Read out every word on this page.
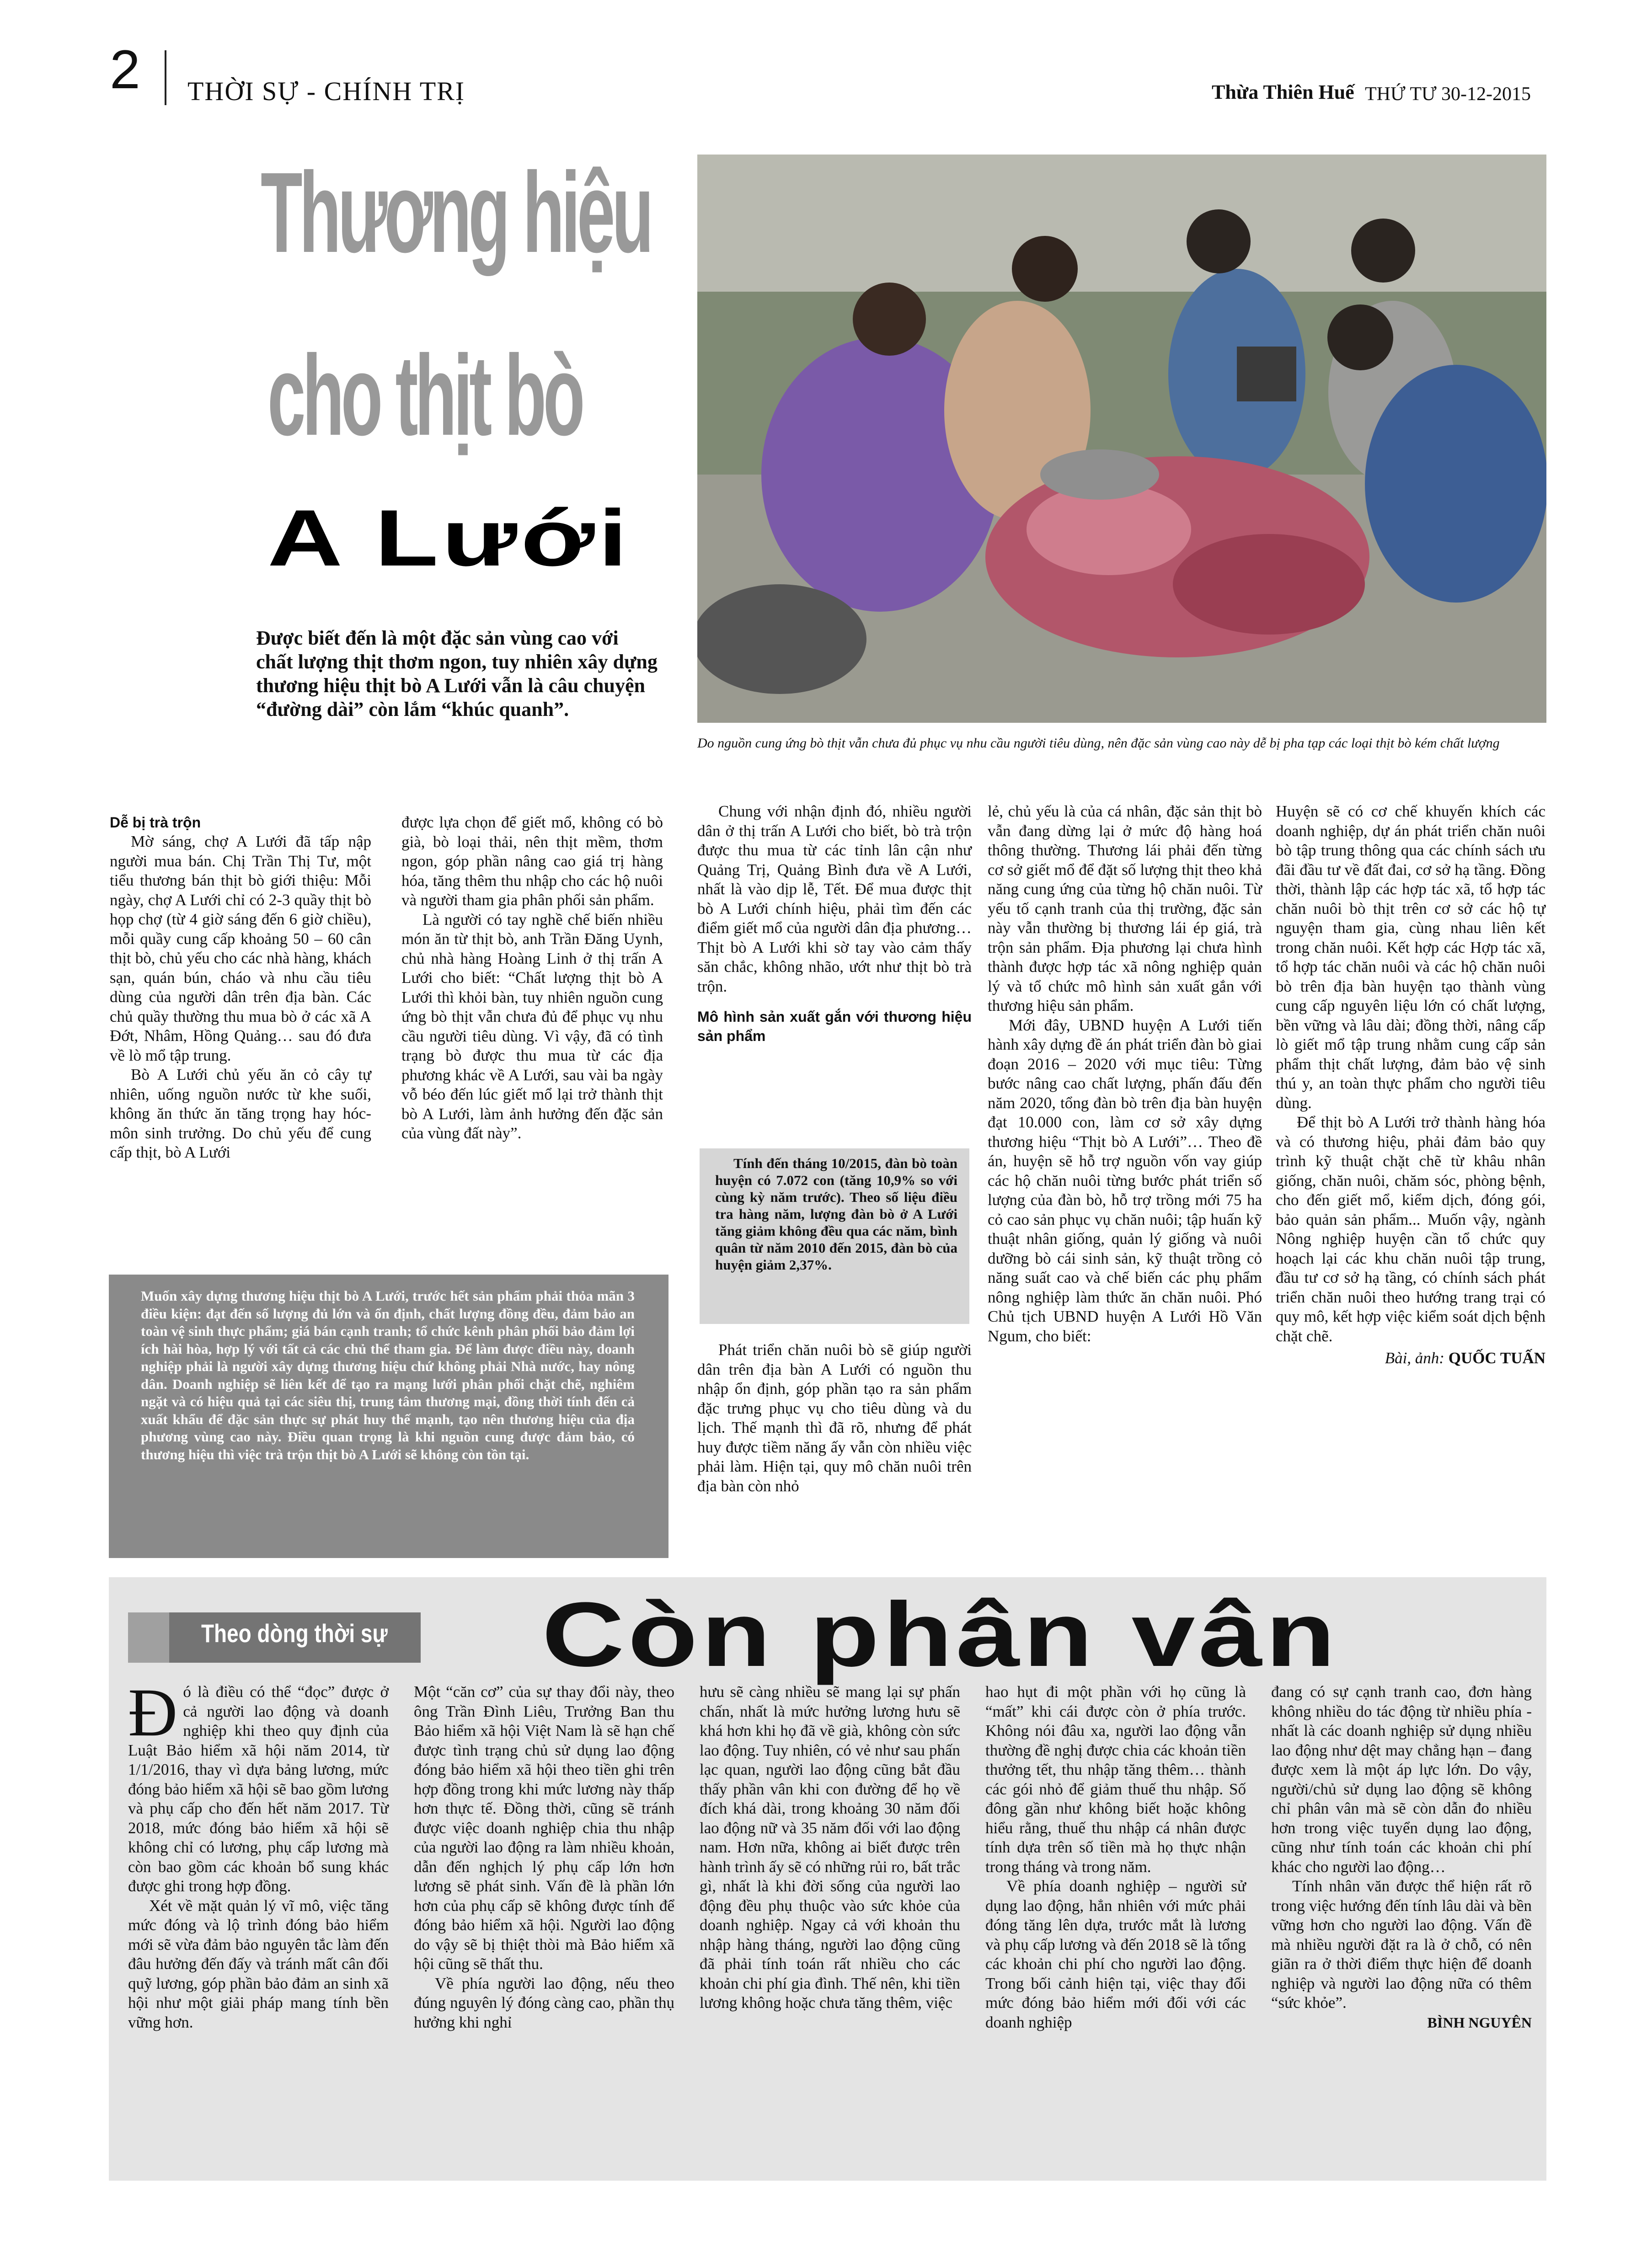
2 THỜI SỰ - CHÍNH TRỊ	Thừa Thiên Huế THỨ TƯ 30-12-2015
Thương hiệu
cho thịt bò
A Lưới
Được biết đến là một đặc sản vùng cao với chất lượng thịt thơm ngon, tuy nhiên xây dựng thương hiệu thịt bò A Lưới vẫn là câu chuyện “đường dài” còn lắm “khúc quanh”.
Do nguồn cung ứng bò thịt vẫn chưa đủ phục vụ nhu cầu người tiêu dùng, nên đặc sản vùng cao này dễ bị pha tạp các loại thịt bò kém chất lượng

Dễ bị trà trộn

Mờ sáng, chợ A Lưới đã tấp nập người mua bán. Chị Trần Thị Tư, một tiểu thương bán thịt bò giới thiệu: Mỗi ngày, chợ A Lưới chỉ có 2-3 quầy thịt bò họp chợ (từ 4 giờ sáng đến 6 giờ chiều), mỗi quầy cung cấp khoảng 50 – 60 cân thịt bò, chủ yếu cho các nhà hàng, khách sạn, quán bún, cháo và nhu cầu tiêu dùng của người dân trên địa bàn. Các chủ quầy thường thu mua bò ở các xã A Đớt, Nhâm, Hồng Quảng… sau đó đưa về lò mổ tập trung.

Bò A Lưới chủ yếu ăn cỏ cây tự nhiên, uống nguồn nước từ khe suối, không ăn thức ăn tăng trọng hay hóc-môn sinh trưởng. Do chủ yếu để cung cấp thịt, bò A Lưới

được lựa chọn để giết mổ, không có bò già, bò loại thải, nên thịt mềm, thơm ngon, góp phần nâng cao giá trị hàng hóa, tăng thêm thu nhập cho các hộ nuôi và người tham gia phân phối sản phẩm.

Là người có tay nghề chế biến nhiều món ăn từ thịt bò, anh Trần Đăng Uynh, chủ nhà hàng Hoàng Linh ở thị trấn A Lưới cho biết: “Chất lượng thịt bò A Lưới thì khỏi bàn, tuy nhiên nguồn cung ứng bò thịt vẫn chưa đủ để phục vụ nhu cầu người tiêu dùng. Vì vậy, đã có tình trạng bò được thu mua từ các địa phương khác về A Lưới, sau vài ba ngày vỗ béo đến lúc giết mổ lại trở thành thịt bò A Lưới, làm ảnh hưởng đến đặc sản của vùng đất này”.

Chung với nhận định đó, nhiều người dân ở thị trấn A Lưới cho biết, bò trà trộn được thu mua từ các tỉnh lân cận như Quảng Trị, Quảng Bình đưa về A Lưới, nhất là vào dịp lễ, Tết. Để mua được thịt bò A Lưới chính hiệu, phải tìm đến các điểm giết mổ của người dân địa phương… Thịt bò A Lưới khi sờ tay vào cảm thấy săn chắc, không nhão, ướt như thịt bò trà trộn.

Mô hình sản xuất gắn với thương hiệu sản phẩm

Tính đến tháng 10/2015, đàn bò toàn huyện có 7.072 con (tăng 10,9% so với cùng kỳ năm trước). Theo số liệu điều tra hàng năm, lượng đàn bò ở A Lưới tăng giảm không đều qua các năm, bình quân từ năm 2010 đến 2015, đàn bò của huyện giảm 2,37%.

Phát triển chăn nuôi bò sẽ giúp người dân trên địa bàn A Lưới có nguồn thu nhập ổn định, góp phần tạo ra sản phẩm đặc trưng phục vụ cho tiêu dùng và du lịch. Thế mạnh thì đã rõ, nhưng để phát huy được tiềm năng ấy vẫn còn nhiều việc phải làm. Hiện tại, quy mô chăn nuôi trên địa bàn còn nhỏ

lẻ, chủ yếu là của cá nhân, đặc sản thịt bò vẫn đang dừng lại ở mức độ hàng hoá thông thường. Thương lái phải đến từng cơ sở giết mổ để đặt số lượng thịt theo khả năng cung ứng của từng hộ chăn nuôi. Từ yếu tố cạnh tranh của thị trường, đặc sản này vẫn thường bị thương lái ép giá, trà trộn sản phẩm. Địa phương lại chưa hình thành được hợp tác xã nông nghiệp quản lý và tổ chức mô hình sản xuất gắn với thương hiệu sản phẩm.

Mới đây, UBND huyện A Lưới tiến hành xây dựng đề án phát triển đàn bò giai đoạn 2016 – 2020 với mục tiêu: Từng bước nâng cao chất lượng, phấn đấu đến năm 2020, tổng đàn bò trên địa bàn huyện đạt 10.000 con, làm cơ sở xây dựng thương hiệu “Thịt bò A Lưới”… Theo đề án, huyện sẽ hỗ trợ nguồn vốn vay giúp các hộ chăn nuôi từng bước phát triển số lượng của đàn bò, hỗ trợ trồng mới 75 ha cỏ cao sản phục vụ chăn nuôi; tập huấn kỹ thuật nhân giống, quản lý giống và nuôi dưỡng bò cái sinh sản, kỹ thuật trồng cỏ năng suất cao và chế biến các phụ phẩm nông nghiệp làm thức ăn chăn nuôi. Phó Chủ tịch UBND huyện A Lưới Hồ Văn Ngum, cho biết:

Huyện sẽ có cơ chế khuyến khích các doanh nghiệp, dự án phát triển chăn nuôi bò tập trung thông qua các chính sách ưu đãi đầu tư về đất đai, cơ sở hạ tầng. Đồng thời, thành lập các hợp tác xã, tổ hợp tác chăn nuôi bò thịt trên cơ sở các hộ tự nguyện tham gia, cùng nhau liên kết trong chăn nuôi. Kết hợp các Hợp tác xã, tổ hợp tác chăn nuôi và các hộ chăn nuôi bò trên địa bàn huyện tạo thành vùng cung cấp nguyên liệu lớn có chất lượng, bền vững và lâu dài; đồng thời, nâng cấp lò giết mổ tập trung nhằm cung cấp sản phẩm thịt chất lượng, đảm bảo vệ sinh thú y, an toàn thực phẩm cho người tiêu dùng.

Để thịt bò A Lưới trở thành hàng hóa và có thương hiệu, phải đảm bảo quy trình kỹ thuật chặt chẽ từ khâu nhân giống, chăn nuôi, chăm sóc, phòng bệnh, cho đến giết mổ, kiểm dịch, đóng gói, bảo quản sản phẩm... Muốn vậy, ngành Nông nghiệp huyện cần tổ chức quy hoạch lại các khu chăn nuôi tập trung, đầu tư cơ sở hạ tầng, có chính sách phát triển chăn nuôi theo hướng trang trại có quy mô, kết hợp việc kiểm soát dịch bệnh chặt chẽ.

Bài, ảnh: QUỐC TUẤN

Muốn xây dựng thương hiệu thịt bò A Lưới, trước hết sản phẩm phải thỏa mãn 3 điều kiện: đạt đến số lượng đủ lớn và ổn định, chất lượng đồng đều, đảm bảo an toàn vệ sinh thực phẩm; giá bán cạnh tranh; tổ chức kênh phân phối bảo đảm lợi ích hài hòa, hợp lý với tất cả các chủ thể tham gia. Để làm được điều này, doanh nghiệp phải là người xây dựng thương hiệu chứ không phải Nhà nước, hay nông dân. Doanh nghiệp sẽ liên kết để tạo ra mạng lưới phân phối chặt chẽ, nghiêm ngặt và có hiệu quả tại các siêu thị, trung tâm thương mại, đồng thời tính đến cả xuất khẩu để đặc sản thực sự phát huy thế mạnh, tạo nên thương hiệu của địa phương vùng cao này. Điều quan trọng là khi nguồn cung được đảm bảo, có thương hiệu thì việc trà trộn thịt bò A Lưới sẽ không còn tồn tại.
Theo dòng thời sự Còn phân vân

Đó là điều có thể “đọc” được ở cả người lao động và doanh nghiệp khi theo quy định của Luật Bảo hiểm xã hội năm 2014, từ 1/1/2016, thay vì dựa bảng lương, mức đóng bảo hiểm xã hội sẽ bao gồm lương và phụ cấp cho đến hết năm 2017. Từ 2018, mức đóng bảo hiểm xã hội sẽ không chỉ có lương, phụ cấp lương mà còn bao gồm các khoản bổ sung khác được ghi trong hợp đồng.

Xét về mặt quản lý vĩ mô, việc tăng mức đóng và lộ trình đóng bảo hiểm mới sẽ vừa đảm bảo nguyên tắc làm đến đâu hưởng đến đấy và tránh mất cân đối quỹ lương, góp phần bảo đảm an sinh xã hội như một giải pháp mang tính bền vững hơn.

Một “căn cơ” của sự thay đổi này, theo ông Trần Đình Liêu, Trưởng Ban thu Bảo hiểm xã hội Việt Nam là sẽ hạn chế được tình trạng chủ sử dụng lao động đóng bảo hiểm xã hội theo tiền ghi trên hợp đồng trong khi mức lương này thấp hơn thực tế. Đồng thời, cũng sẽ tránh được việc doanh nghiệp chia thu nhập của người lao động ra làm nhiều khoản, dẫn đến nghịch lý phụ cấp lớn hơn lương sẽ phát sinh. Vấn đề là phần lớn hơn của phụ cấp sẽ không được tính để đóng bảo hiểm xã hội. Người lao động do vậy sẽ bị thiệt thòi mà Bảo hiểm xã hội cũng sẽ thất thu.

Về phía người lao động, nếu theo đúng nguyên lý đóng càng cao, phần thụ hưởng khi nghỉ

hưu sẽ càng nhiều sẽ mang lại sự phấn chấn, nhất là mức hưởng lương hưu sẽ khá hơn khi họ đã về già, không còn sức lao động. Tuy nhiên, có vẻ như sau phấn lạc quan, người lao động cũng bắt đầu thấy phần vân khi con đường để họ về đích khá dài, trong khoảng 30 năm đối lao động nữ và 35 năm đối với lao động nam. Hơn nữa, không ai biết được trên hành trình ấy sẽ có những rủi ro, bất trắc gì, nhất là khi đời sống của người lao động đều phụ thuộc vào sức khỏe của doanh nghiệp. Ngay cả với khoản thu nhập hàng tháng, người lao động cũng đã phải tính toán rất nhiều cho các khoản chi phí gia đình. Thế nên, khi tiền lương không hoặc chưa tăng thêm, việc

hao hụt đi một phần với họ cũng là “mất” khi cái được còn ở phía trước. Không nói đâu xa, người lao động vẫn thường đề nghị được chia các khoản tiền thưởng tết, thu nhập tăng thêm… thành các gói nhỏ để giảm thuế thu nhập. Số đông gần như không biết hoặc không hiểu rằng, thuế thu nhập cá nhân được tính dựa trên số tiền mà họ thực nhận trong tháng và trong năm.

Về phía doanh nghiệp – người sử dụng lao động, hẳn nhiên với mức phải đóng tăng lên dựa, trước mắt là lương và phụ cấp lương và đến 2018 sẽ là tổng các khoản chi phí cho người lao động. Trong bối cảnh hiện tại, việc thay đổi mức đóng bảo hiểm mới đối với các doanh nghiệp

đang có sự cạnh tranh cao, đơn hàng không nhiều do tác động từ nhiều phía - nhất là các doanh nghiệp sử dụng nhiều lao động như dệt may chẳng hạn – đang được xem là một áp lực lớn. Do vậy, người/chủ sử dụng lao động sẽ không chỉ phân vân mà sẽ còn dẫn đo nhiều hơn trong việc tuyển dụng lao động, cũng như tính toán các khoản chi phí khác cho người lao động…

Tính nhân văn được thể hiện rất rõ trong việc hướng đến tính lâu dài và bền vững hơn cho người lao động. Vấn đề mà nhiều người đặt ra là ở chỗ, có nên giãn ra ở thời điểm thực hiện để doanh nghiệp và người lao động nữa có thêm “sức khỏe”.

BÌNH NGUYÊN
